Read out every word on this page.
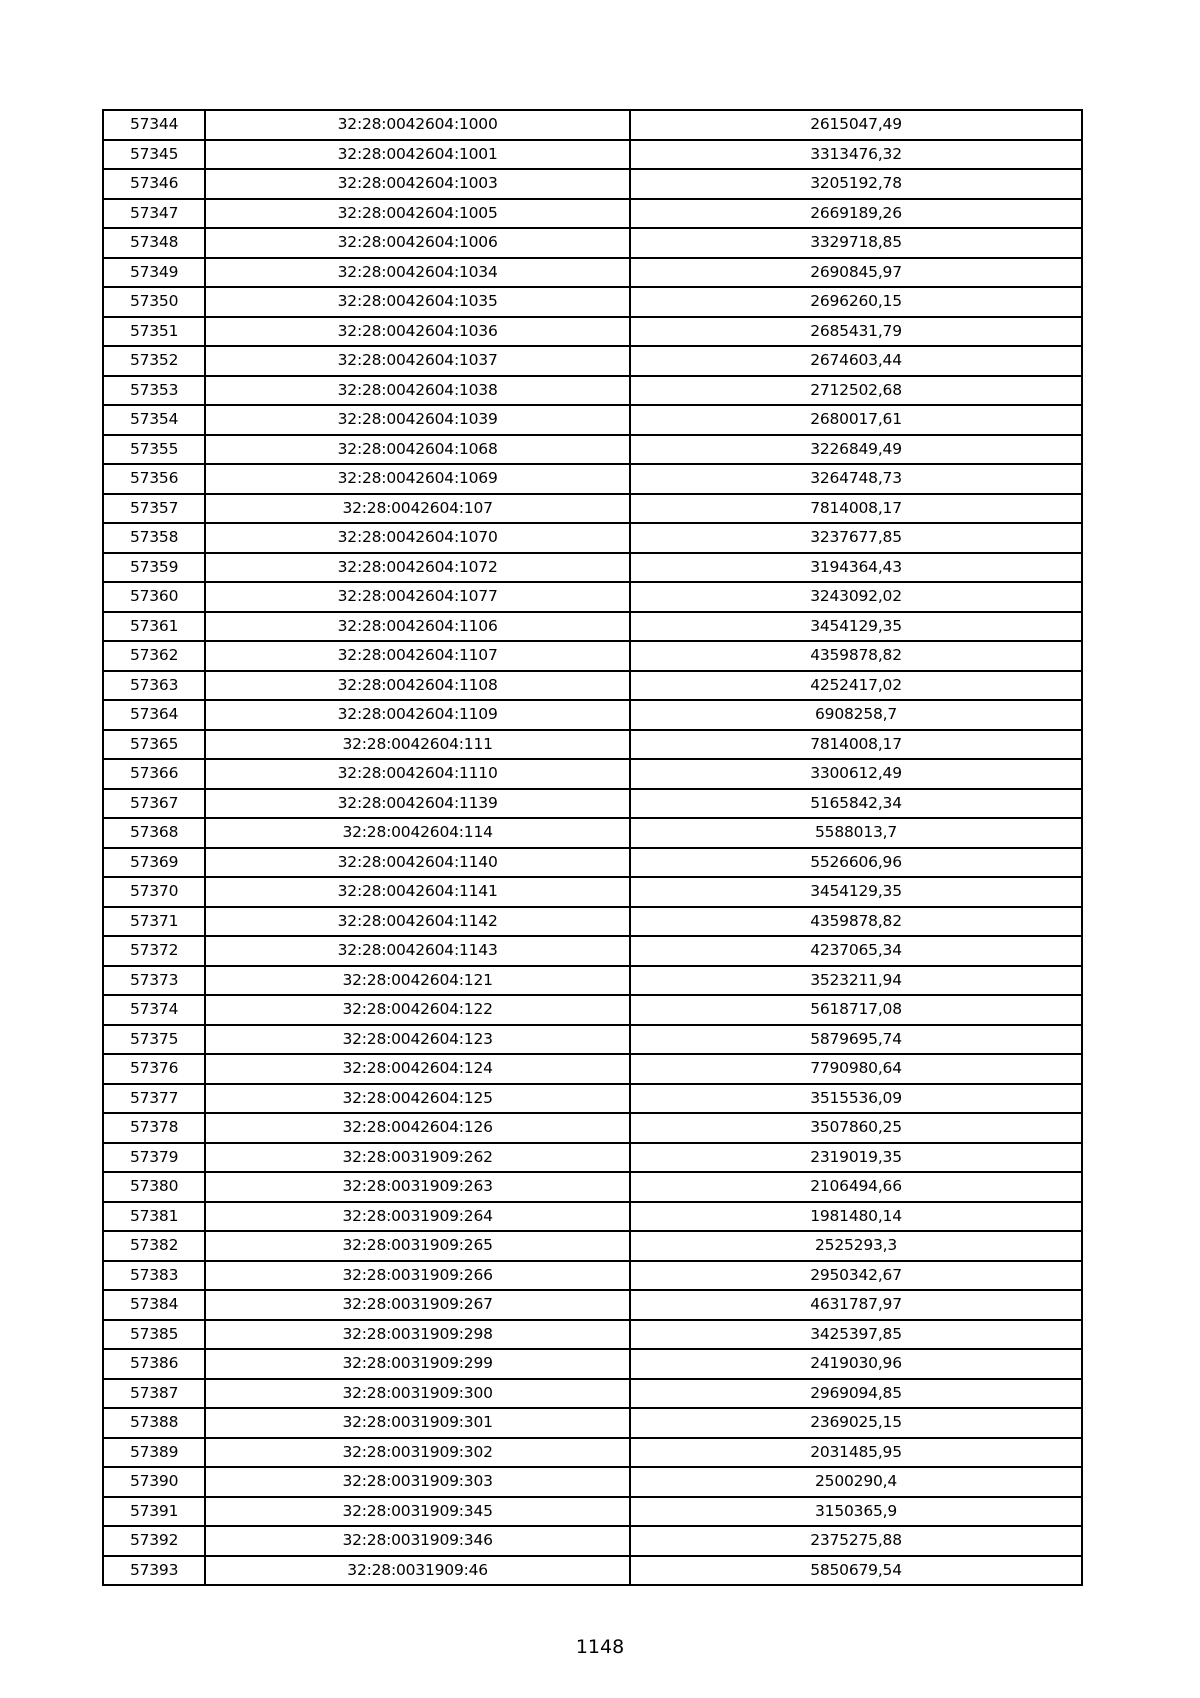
57344	32:28:0042604:1000	2615047,49
57345	32:28:0042604:1001	3313476,32
57346	32:28:0042604:1003	3205192,78
57347	32:28:0042604:1005	2669189,26
57348	32:28:0042604:1006	3329718,85
57349	32:28:0042604:1034	2690845,97
57350	32:28:0042604:1035	2696260,15
57351	32:28:0042604:1036	2685431,79
57352	32:28:0042604:1037	2674603,44
57353	32:28:0042604:1038	2712502,68
57354	32:28:0042604:1039	2680017,61
57355	32:28:0042604:1068	3226849,49
57356	32:28:0042604:1069	3264748,73
57357	32:28:0042604:107	7814008,17
57358	32:28:0042604:1070	3237677,85
57359	32:28:0042604:1072	3194364,43
57360	32:28:0042604:1077	3243092,02
57361	32:28:0042604:1106	3454129,35
57362	32:28:0042604:1107	4359878,82
57363	32:28:0042604:1108	4252417,02
57364	32:28:0042604:1109	6908258,7
57365	32:28:0042604:111	7814008,17
57366	32:28:0042604:1110	3300612,49
57367	32:28:0042604:1139	5165842,34
57368	32:28:0042604:114	5588013,7
57369	32:28:0042604:1140	5526606,96
57370	32:28:0042604:1141	3454129,35
57371	32:28:0042604:1142	4359878,82
57372	32:28:0042604:1143	4237065,34
57373	32:28:0042604:121	3523211,94
57374	32:28:0042604:122	5618717,08
57375	32:28:0042604:123	5879695,74
57376	32:28:0042604:124	7790980,64
57377	32:28:0042604:125	3515536,09
57378	32:28:0042604:126	3507860,25
57379	32:28:0031909:262	2319019,35
57380	32:28:0031909:263	2106494,66
57381	32:28:0031909:264	1981480,14
57382	32:28:0031909:265	2525293,3
57383	32:28:0031909:266	2950342,67
57384	32:28:0031909:267	4631787,97
57385	32:28:0031909:298	3425397,85
57386	32:28:0031909:299	2419030,96
57387	32:28:0031909:300	2969094,85
57388	32:28:0031909:301	2369025,15
57389	32:28:0031909:302	2031485,95
57390	32:28:0031909:303	2500290,4
57391	32:28:0031909:345	3150365,9
57392	32:28:0031909:346	2375275,88
57393	32:28:0031909:46	5850679,54
1148
